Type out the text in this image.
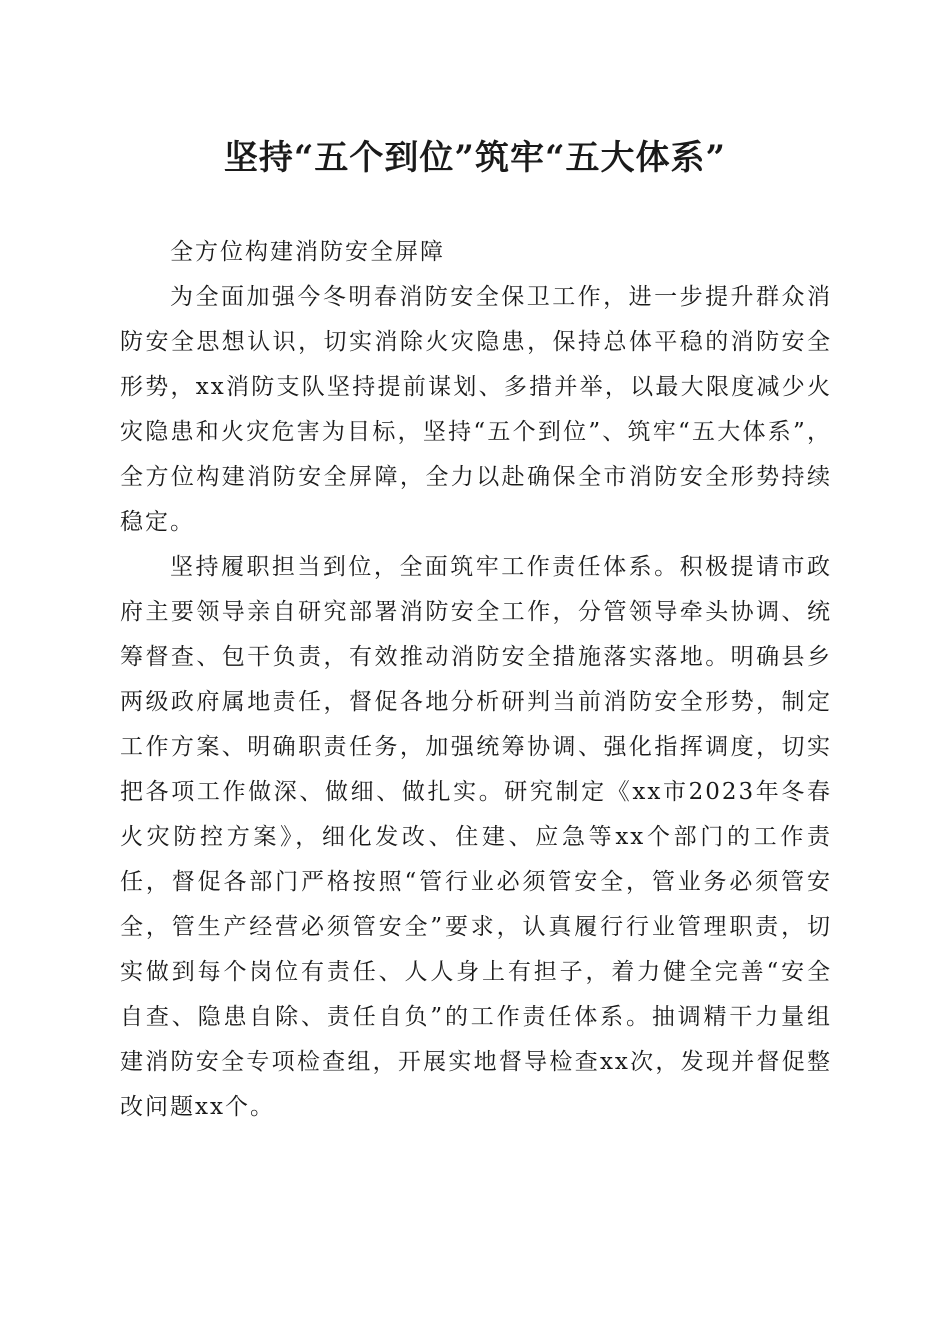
坚持“五个到位”筑牢“五大体系”

全方位构建消防安全屏障

为全面加强今冬明春消防安全保卫工作，进一步提升群众消防安全思想认识，切实消除火灾隐患，保持总体平稳的消防安全形势，xx消防支队坚持提前谋划、多措并举，以最大限度减少火灾隐患和火灾危害为目标，坚持“五个到位”、筑牢“五大体系”，全方位构建消防安全屏障，全力以赴确保全市消防安全形势持续稳定。

坚持履职担当到位，全面筑牢工作责任体系。积极提请市政府主要领导亲自研究部署消防安全工作，分管领导牵头协调、统筹督查、包干负责，有效推动消防安全措施落实落地。明确县乡两级政府属地责任，督促各地分析研判当前消防安全形势，制定工作方案、明确职责任务，加强统筹协调、强化指挥调度，切实把各项工作做深、做细、做扎实。研究制定《xx市2023年冬春火灾防控方案》，细化发改、住建、应急等xx个部门的工作责任，督促各部门严格按照“管行业必须管安全，管业务必须管安全，管生产经营必须管安全”要求，认真履行行业管理职责，切实做到每个岗位有责任、人人身上有担子，着力健全完善“安全自查、隐患自除、责任自负”的工作责任体系。抽调精干力量组建消防安全专项检查组，开展实地督导检查xx次，发现并督促整改问题xx个。
